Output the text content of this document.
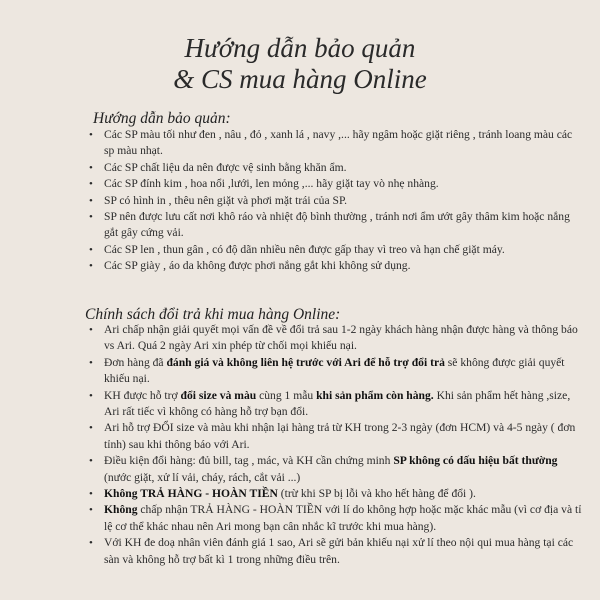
Hướng dẫn bảo quản
& CS mua hàng Online
Hướng dẫn bảo quản:
• Các SP màu tối như đen , nâu , đỏ , xanh lá , navy ,... hãy ngâm hoặc giặt riêng , tránh loang màu các sp màu nhạt.
• Các SP chất liệu da nên được vệ sinh bằng khăn ẩm.
• Các SP đính kim , hoa nổi ,lưới, len mỏng ,... hãy giặt tay vò nhẹ nhàng.
• SP có hình in , thêu nên giặt và phơi mặt trái của SP.
• SP nên được lưu cất nơi khô ráo và nhiệt độ bình thường , tránh nơi ẩm ướt gây thâm kim hoặc nắng gắt gây cứng vải.
• Các SP len , thun gân , có độ dãn nhiều nên được gấp thay vì treo và hạn chế giặt máy.
• Các SP giày , áo da không được phơi nắng gắt khi không sử dụng.
Chính sách đổi trả khi mua hàng Online:
• Ari chấp nhận giải quyết mọi vấn đề về đổi trả sau 1-2 ngày khách hàng nhận được hàng và thông báo vs Ari. Quá 2 ngày Ari xin phép từ chối mọi khiếu nại.
• Đơn hàng đã đánh giá và không liên hệ trước với Ari để hỗ trợ đổi trả sẽ không được giải quyết khiếu nại.
• KH được hỗ trợ đổi size và màu cùng 1 mẫu khi sản phẩm còn hàng. Khi sản phẩm hết hàng ,size, Ari rất tiếc vì không có hàng hỗ trợ bạn đổi.
• Ari hỗ trợ ĐỔI size và màu khi nhận lại hàng trả từ KH trong 2-3 ngày (đơn HCM) và 4-5 ngày ( đơn tỉnh) sau khi thông báo với Ari.
• Điều kiện đổi hàng: đủ bill, tag , mác, và KH cần chứng minh SP không có dấu hiệu bất thường (nước giặt, xử lí vải, cháy, rách, cắt vải ...)
• Không TRẢ HÀNG - HOÀN TIỀN (trừ khi SP bị lỗi và kho hết hàng để đổi ).
• Không chấp nhận TRẢ HÀNG - HOÀN TIỀN với lí do không hợp hoặc mặc khác mẫu (vì cơ địa và tỉ lệ cơ thể khác nhau nên Ari mong bạn cân nhắc kĩ trước khi mua hàng).
• Với KH đe doạ nhân viên đánh giá 1 sao, Ari sẽ gửi bản khiếu nại xử lí theo nội qui mua hàng tại các sàn và không hỗ trợ bất kì 1 trong những điều trên.
